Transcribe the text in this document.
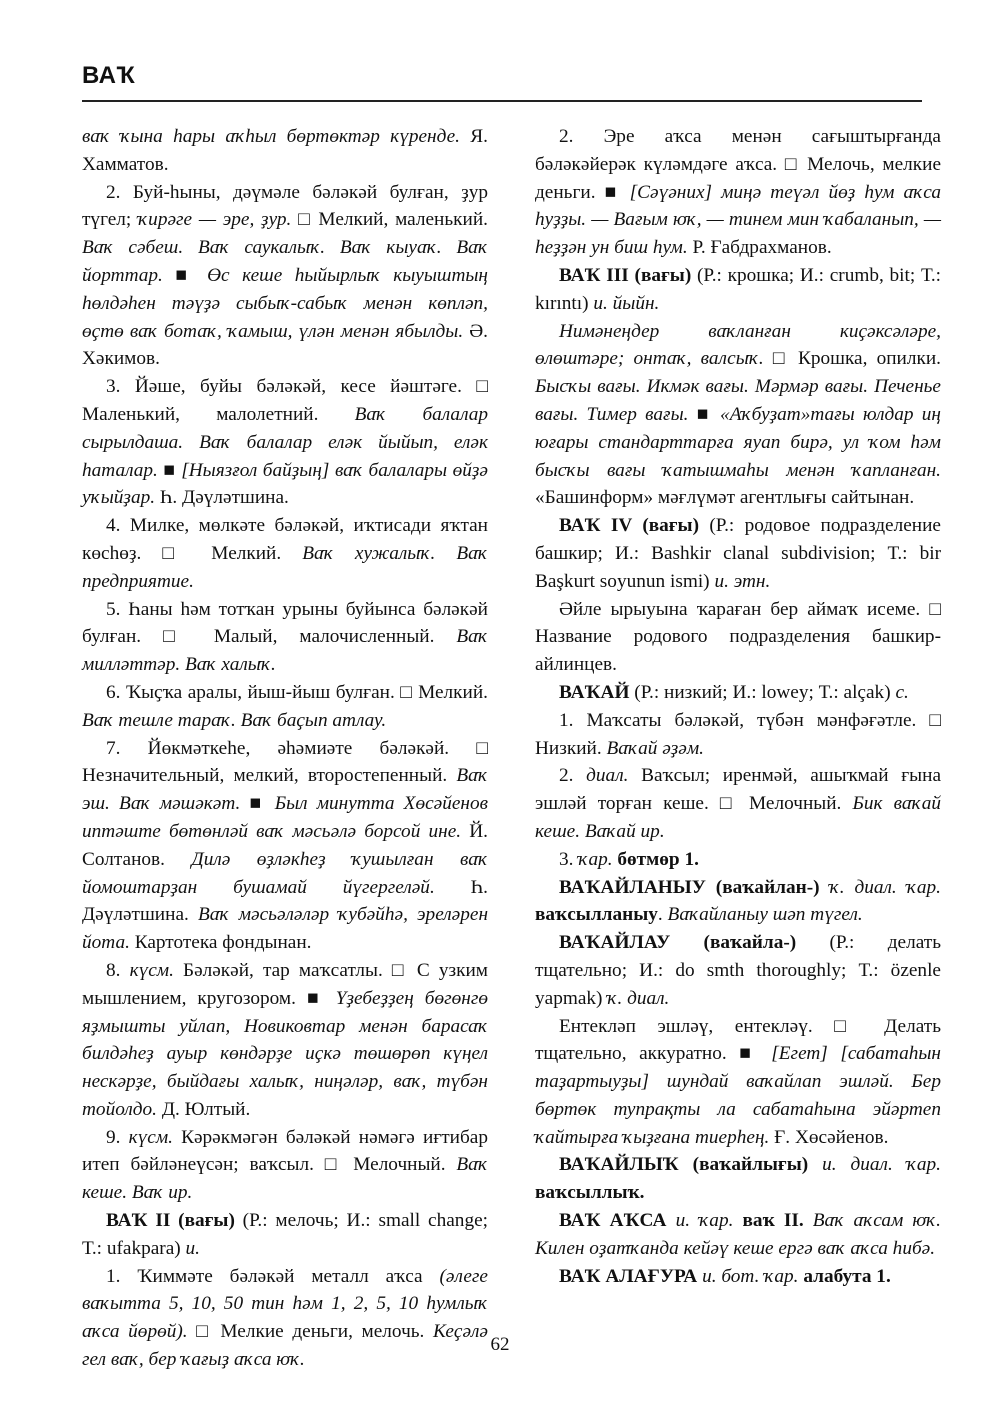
ВАҠ

ваҡ ҡына һары аҡһыл бөртөктәр күренде. Я. Хамматов.

2. Буй-һыны, дәүмәле бәләкәй булған, ҙур түгел; ҡирәге — эре, ҙур. □ Мелкий, маленький. Ваҡ сәбеш. Ваҡ саукалыҡ. Ваҡ кыуаҡ. Ваҡ йорттар. ■ Өс кеше һыйырлыҡ кыуыштың һөлдәһен тәүҙә сыбыҡ-сабыҡ менән көпләп, өҫтө ваҡ ботаҡ, ҡамыш, үлән менән ябылды. Ә. Хәкимов.

3. Йәше, буйы бәләкәй, кесе йәштәге. □ Маленький, малолетний. Ваҡ балалар сырылдаша. Ваҡ балалар еләк йыйып, еләк һаталар. ■ [Ныязғол байҙың] ваҡ балалары өйҙә уҡыйҙар. Һ. Дәүләтшина.

4. Милке, мөлкәте бәләкәй, иҡтисади яҡтан көсһөҙ. □ Мелкий. Ваҡ хужалыҡ. Ваҡ предприятие.

5. Һаны һәм тотҡан урыны буйынса бәләкәй булған. □ Малый, малочисленный. Ваҡ милләттәр. Ваҡ халыҡ.

6. Ҡыҫҡа аралы, йыш-йыш булған. □ Мелкий. Ваҡ тешле тараҡ. Ваҡ баҫып атлау.

7. Йөкмәткеһе, әһәмиәте бәләкәй. □ Незначительный, мелкий, второстепенный. Ваҡ эш. Ваҡ мәшәкәт. ■ Был минутта Хөсәйенов иптәште бөтөнләй ваҡ мәсьәлә борсой ине. Й. Солтанов. Дилә өҙләкһеҙ ҡушылған ваҡ йомоштарҙан бушамай йүгергеләй. Һ. Дәүләтшина. Ваҡ мәсьәләләр ҡубәйһә, эреләрен йота. Картотека фондынан.

8. күсм. Бәләкәй, тар маҡсатлы. □ С узким мышлением, кругозором. ■ Үҙебеҙҙең бөгөнгө яҙмышты уйлап, Новиковтар менән барасаҡ билдәһеҙ ауыр көндәрҙе иҫкә төшөрөп күңел нескәрҙе, быйдағы халыҡ, ниңәләр, ваҡ, түбән тойолдо. Д. Юлтый.

9. күсм. Кәрәкмәгән бәләкәй нәмәгә иғтибар итеп бәйләнеүсән; ваҡсыл. □ Мелочный. Ваҡ кеше. Ваҡ ир.

ВАҠ II (вағы) (Р.: мелочь; И.: small change; Т.: ufakpara) и.

1. Ҡиммәте бәләкәй металл аҡса (әлеге ваҡытта 5, 10, 50 тин һәм 1, 2, 5, 10 һумлыҡ аҡса йөрөй). □ Мелкие деньги, мелочь. Кеҫәлә гел ваҡ, бер ҡағыҙ аҡса юҡ.

2. Эре аҡса менән сағыштырғанда бәләкәйерәк күләмдәге аҡса. □ Мелочь, мелкие деньги. ■ [Сәүәних] миңә теүәл йөҙ һум аҡса һуҙҙы. — Вағым юҡ, — тинем мин ҡабаланып, — һеҙҙән ун биш һум. Р. Ғабдрахманов.

ВАҠ III (вағы) (Р.: крошка; И.: crumb, bit; Т.: kırıntı) и. йыйн.

Нимәнеңдер ваҡланған киҫәксәләре, өлөштәре; онтаҡ, валсыҡ. □ Крошка, опилки. Бысҡы вағы. Икмәк вағы. Мәрмәр вағы. Печенье вағы. Тимер вағы. ■ «Аҡбуҙат»тағы юлдар иң юғары стандарттарға яуап бирә, ул ҡом һәм бысҡы вағы ҡатышмаһы менән ҡапланған. «Башинформ» мәғлүмәт агентлығы сайтынан.

ВАҠ IV (вағы) (Р.: родовое подразделение башкир; И.: Bashkir clanal subdivision; Т.: bir Başkurt soyunun ismi) и. этн.

Әйле ырыуына ҡараған бер аймаҡ исеме. □ Название родового подразделения башкир-айлинцев.

ВАҠАЙ (Р.: низкий; И.: lowey; Т.: alçak) с.

1. Маҡсаты бәләкәй, түбән мәнфәғәтле. □ Низкий. Ваҡай әҙәм.

2. диал. Ваҡсыл; иренмәй, ашыҡмай ғына эшләй торған кеше. □ Мелочный. Бик ваҡай кеше. Ваҡай ир.

3. ҡар. бөтмөр 1.

ВАҠАЙЛАНЫУ (ваҡайлан-) ҡ. диал. ҡар. ваҡсылланыу. Ваҡайланыу шәп түгел.

ВАҠАЙЛАУ (ваҡайла-) (Р.: делать тщательно; И.: do smth thoroughly; Т.: özenle yapmak) ҡ. диал.

Ентекләп эшләү, ентекләү. □ Делать тщательно, аккуратно. ■ [Егет] [сабатаһын таҙартыуҙы] шундай ваҡайлап эшләй. Бер бөртөк тупрақты ла сабатаһына эйәртеп ҡайтырға ҡыҙғана тиерһең. Ғ. Хөсәйенов.

ВАҠАЙЛЫҠ (ваҡайлығы) и. диал. ҡар. ваҡсыллыҡ.

ВАҠ АҠСА и. ҡар. ваҡ II. Ваҡ аҡсам юҡ. Килен оҙатҡанда кейәү кеше ергә ваҡ аҡса һибә.

ВАҠ АЛАҒУРА и. бот. ҡар. алабута 1.

62
